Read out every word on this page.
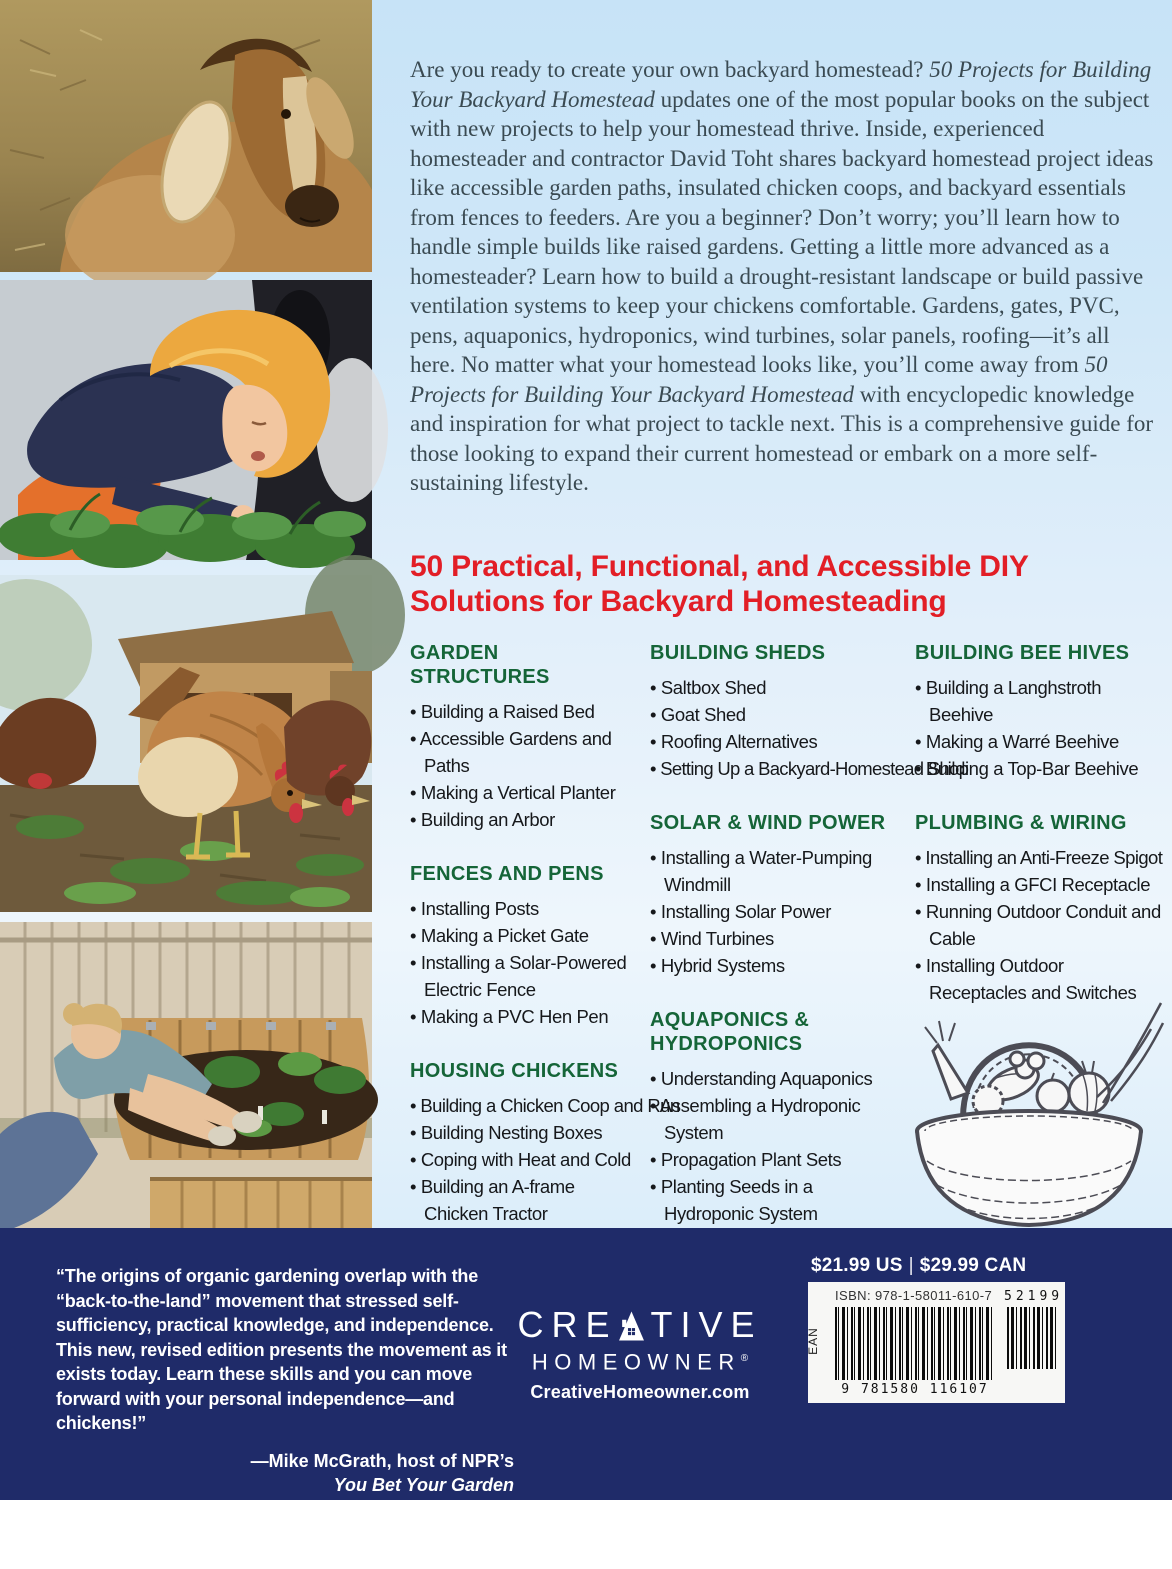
Are you ready to create your own backyard homestead? 50 Projects for Building Your Backyard Homestead updates one of the most popular books on the subject with new projects to help your homestead thrive. Inside, experienced homesteader and contractor David Toht shares backyard homestead project ideas like accessible garden paths, insulated chicken coops, and backyard essentials from fences to feeders. Are you a beginner? Don’t worry; you’ll learn how to handle simple builds like raised gardens. Getting a little more advanced as a homesteader? Learn how to build a drought-resistant landscape or build passive ventilation systems to keep your chickens comfortable. Gardens, gates, PVC, pens, aquaponics, hydroponics, wind turbines, solar panels, roofing—it’s all here. No matter what your homestead looks like, you’ll come away from 50 Projects for Building Your Backyard Homestead with encyclopedic knowledge and inspiration for what project to tackle next. This is a comprehensive guide for those looking to expand their current homestead or embark on a more self-sustaining lifestyle.

50 Practical, Functional, and Accessible DIY
Solutions for Backyard Homesteading
GARDEN STRUCTURES
• Building a Raised Bed
• Accessible Gardens and Paths
• Making a Vertical Planter
• Building an Arbor
FENCES AND PENS
• Installing Posts
• Making a Picket Gate
• Installing a Solar-Powered Electric Fence
• Making a PVC Hen Pen
HOUSING CHICKENS
• Building a Chicken Coop and Run
• Building Nesting Boxes
• Coping with Heat and Cold
• Building an A-frame Chicken Tractor
BUILDING SHEDS
• Saltbox Shed
• Goat Shed
• Roofing Alternatives
• Setting Up a Backyard-Homestead Shop
SOLAR & WIND POWER
• Installing a Water-Pumping Windmill
• Installing Solar Power
• Wind Turbines
• Hybrid Systems
AQUAPONICS & HYDROPONICS
• Understanding Aquaponics
• Assembling a Hydroponic System
• Propagation Plant Sets
• Planting Seeds in a Hydroponic System
BUILDING BEE HIVES
• Building a Langhstroth Beehive
• Making a Warré Beehive
• Building a Top-Bar Beehive
PLUMBING & WIRING
• Installing an Anti-Freeze Spigot
• Installing a GFCI Receptacle
• Running Outdoor Conduit and Cable
• Installing Outdoor Receptacles and Switches

“The origins of organic gardening overlap with the “back-to-the-land” movement that stressed self-sufficiency, practical knowledge, and independence. This new, revised edition presents the movement as it exists today. Learn these skills and you can move forward with your personal independence—and chickens!”

—Mike McGrath, host of NPR’s
You Bet Your Garden
and former editor-in-chief of
Organic Gardening
magazine
CRE TIVE
HOMEOWNER®
CreativeHomeowner.com
$21.99 US | $29.99 CAN
EAN
ISBN: 978-1-58011-610-7
9 781580 116107
52199
